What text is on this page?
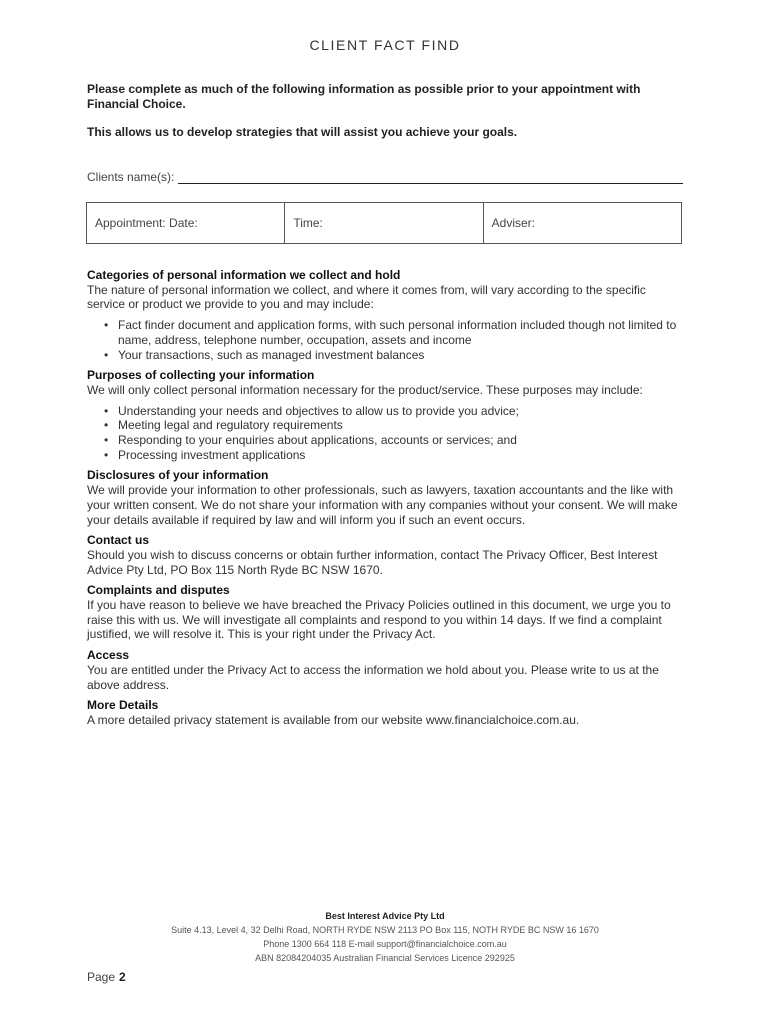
CLIENT FACT FIND
Please complete as much of the following information as possible prior to your appointment with Financial Choice.
This allows us to develop strategies that will assist you achieve your goals.
Clients name(s):
Appointment: Date:	Time:	Adviser:
Categories of personal information we collect and hold

The nature of personal information we collect, and where it comes from, will vary according to the specific service or product we provide to you and may include:

• Fact finder document and application forms, with such personal information included though not limited to name, address, telephone number, occupation, assets and income
• Your transactions, such as managed investment balances
Purposes of collecting your information

We will only collect personal information necessary for the product/service. These purposes may include:

• Understanding your needs and objectives to allow us to provide you advice;
• Meeting legal and regulatory requirements
• Responding to your enquiries about applications, accounts or services; and
• Processing investment applications
Disclosures of your information

We will provide your information to other professionals, such as lawyers, taxation accountants and the like with your written consent. We do not share your information with any companies without your consent. We will make your details available if required by law and will inform you if such an event occurs.

Contact us

Should you wish to discuss concerns or obtain further information, contact The Privacy Officer, Best Interest Advice Pty Ltd, PO Box 115 North Ryde BC NSW 1670.

Complaints and disputes

If you have reason to believe we have breached the Privacy Policies outlined in this document, we urge you to raise this with us. We will investigate all complaints and respond to you within 14 days. If we find a complaint justified, we will resolve it. This is your right under the Privacy Act.

Access

You are entitled under the Privacy Act to access the information we hold about you. Please write to us at the above address.

More Details

A more detailed privacy statement is available from our website www.financialchoice.com.au.

Best Interest Advice Pty Ltd
Suite 4.13, Level 4, 32 Delhi Road, NORTH RYDE NSW 2113 PO Box 115, NOTH RYDE BC NSW 16 1670
Phone 1300 664 118 E-mail support@financialchoice.com.au
ABN 82084204035 Australian Financial Services Licence 292925
Page 2
